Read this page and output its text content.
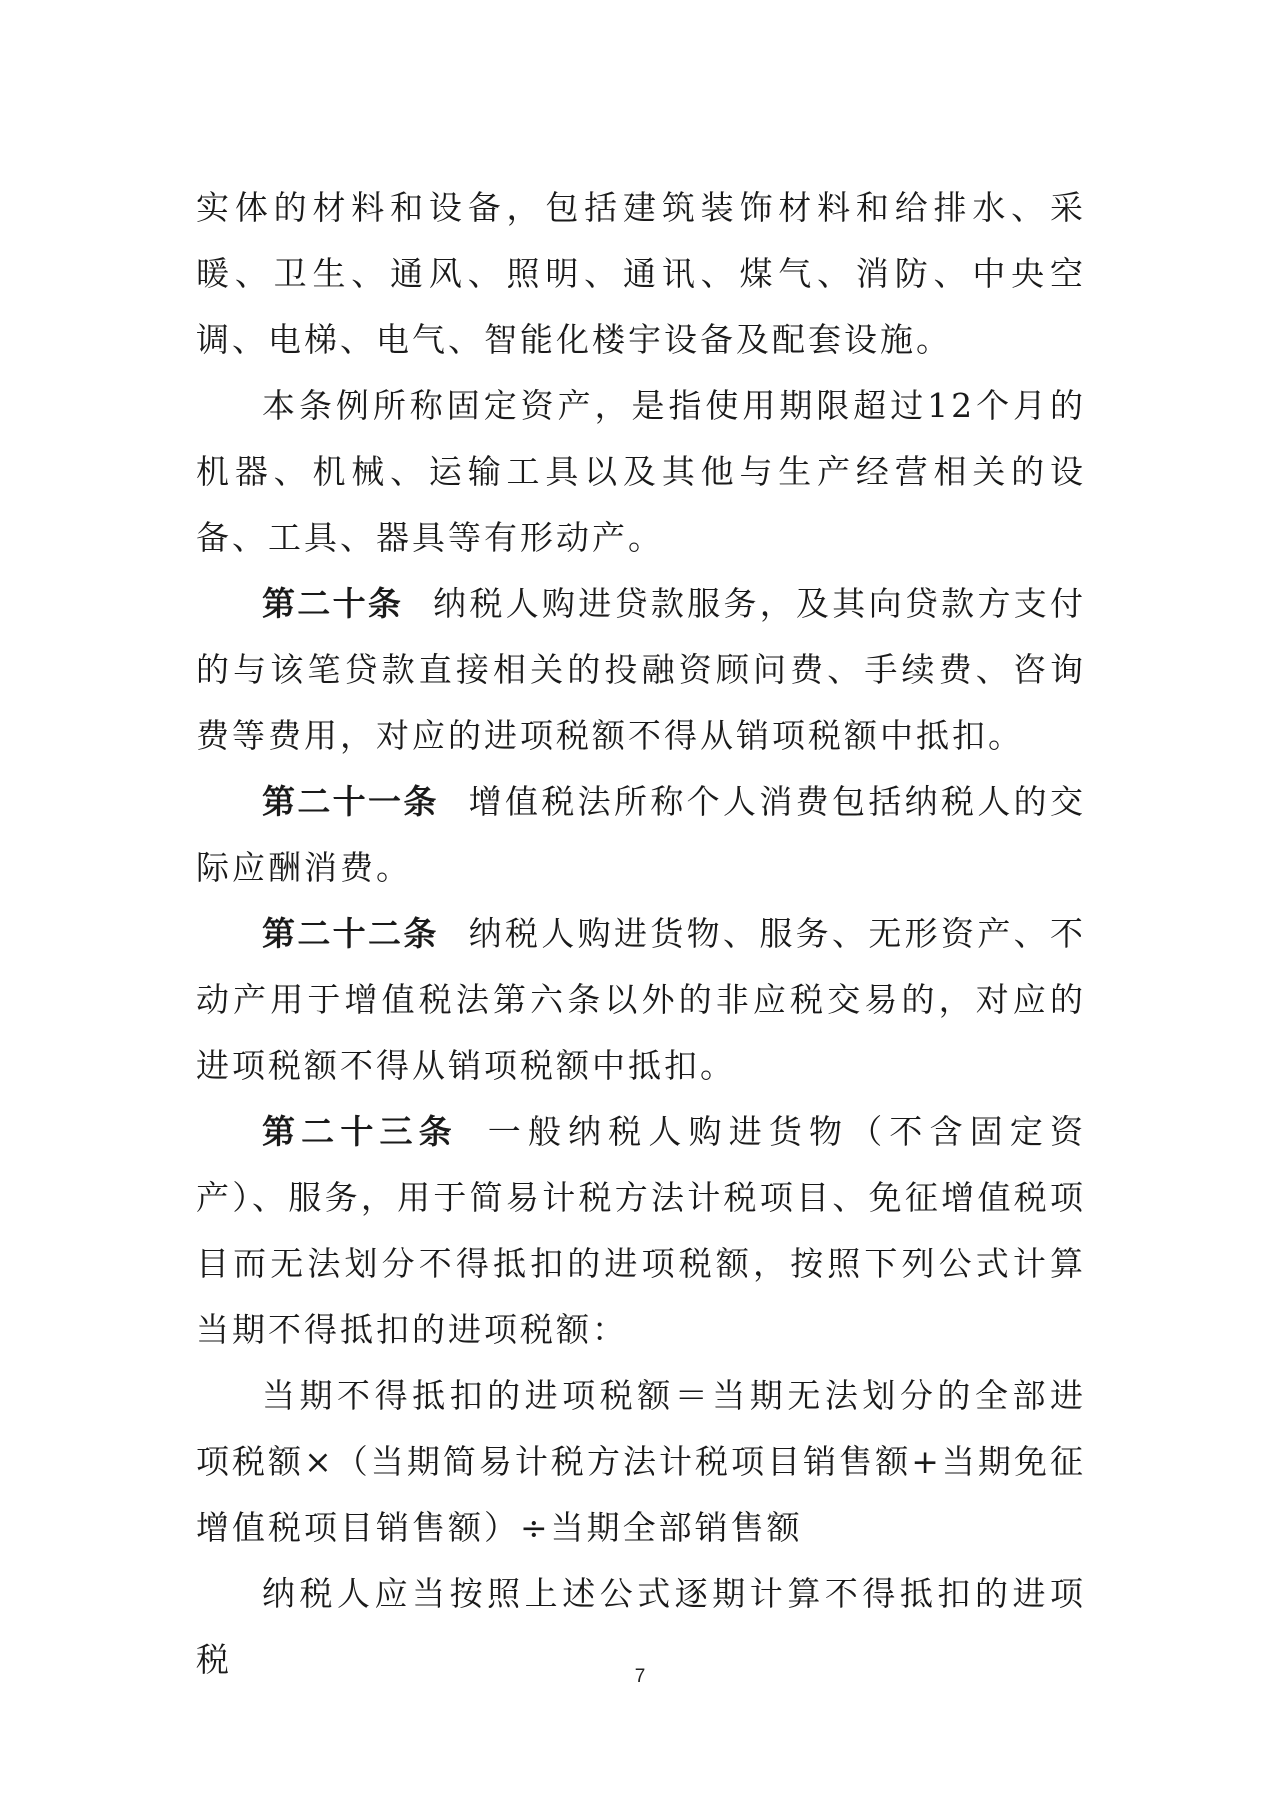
实体的材料和设备，包括建筑装饰材料和给排水、采暖、卫生、通风、照明、通讯、煤气、消防、中央空调、电梯、电气、智能化楼宇设备及配套设施。

本条例所称固定资产，是指使用期限超过12个月的机器、机械、运输工具以及其他与生产经营相关的设备、工具、器具等有形动产。

第二十条 纳税人购进贷款服务，及其向贷款方支付的与该笔贷款直接相关的投融资顾问费、手续费、咨询费等费用，对应的进项税额不得从销项税额中抵扣。

第二十一条 增值税法所称个人消费包括纳税人的交际应酬消费。

第二十二条 纳税人购进货物、服务、无形资产、不动产用于增值税法第六条以外的非应税交易的，对应的进项税额不得从销项税额中抵扣。

第二十三条 一般纳税人购进货物（不含固定资产）、服务，用于简易计税方法计税项目、免征增值税项目而无法划分不得抵扣的进项税额，按照下列公式计算当期不得抵扣的进项税额：

当期不得抵扣的进项税额＝当期无法划分的全部进项税额×（当期简易计税方法计税项目销售额+当期免征增值税项目销售额）÷当期全部销售额

纳税人应当按照上述公式逐期计算不得抵扣的进项税	7
